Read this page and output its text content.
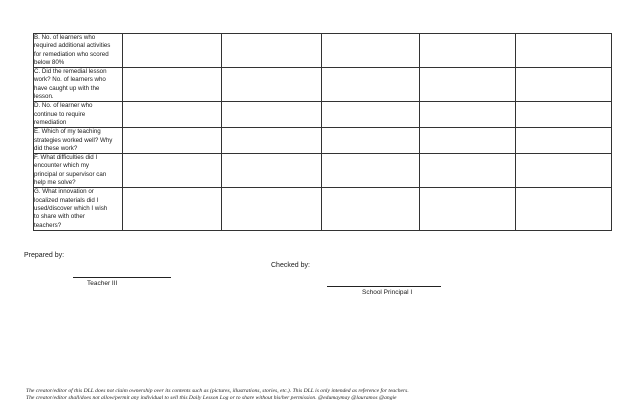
B. No. of learners who
required additional activities
for remediation who scored
below 80%					
C. Did the remedial lesson
work? No. of learners who
have caught up with the
lesson.					
D. No. of learner who
continue to require
remediation					
E. Which of my teaching
strategies worked well? Why
did these work?					
F. What difficulties did I
encounter which my
principal or supervisor can
help me solve?					
G. What innovation or
localized materials did I
used/discover which I wish
to share with other
teachers?					
Prepared by:
Checked by:
Teacher III
School Principal I
The creator/editor of this DLL does not claim ownership over its contents such as (pictures, illustrations, stories, etc.). This DLL is only intended as reference for teachers.
The creator/editor shall/does not allow/permit any individual to sell this Daily Lesson Log or to share without his/her permission. @edumaymay @lauramos @angie
